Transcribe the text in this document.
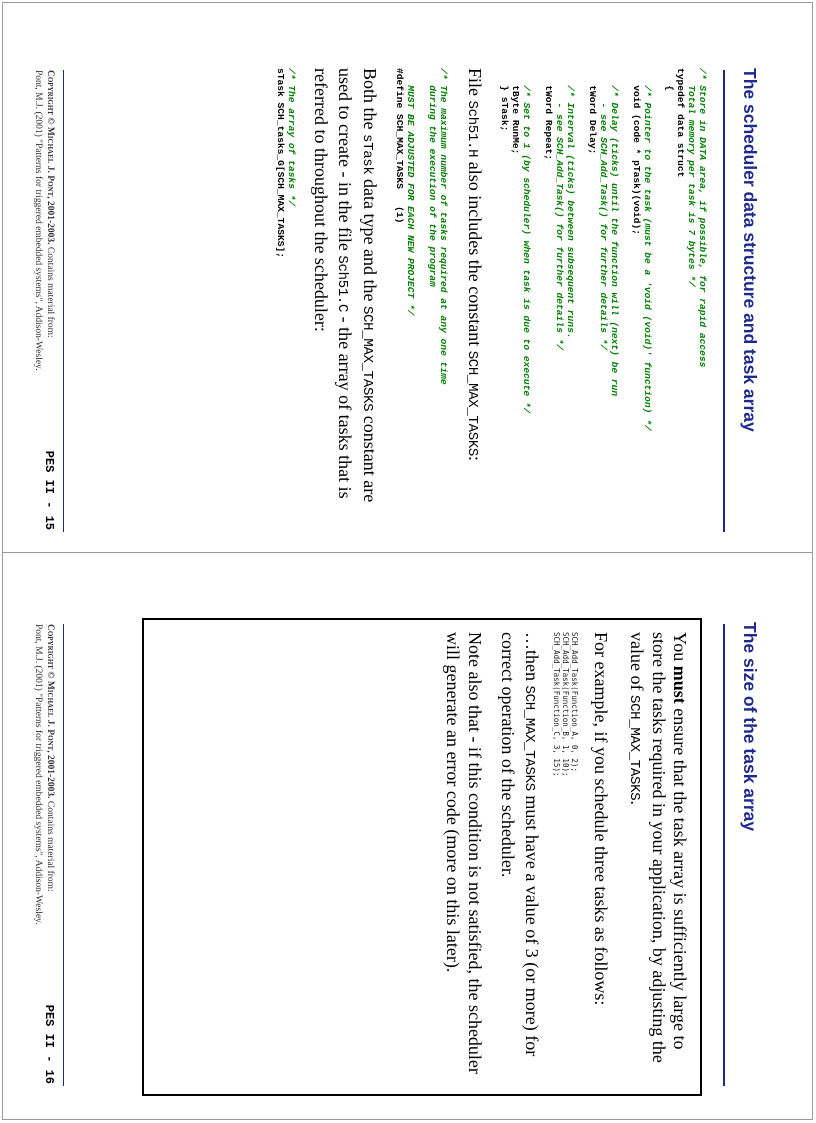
The scheduler data structure and task array
/* Store in DATA area, if possible, for rapid access
Total memory per task is 7 bytes */
typedef data struct
{

/* Pointer to the task (must be a 'void (void)' function) */
void (code * pTask)(void);

/* Delay (ticks) until the function will (next) be run
- see SCH_Add_Task() for further details */
tWord Delay;

/* Interval (ticks) between subsequent runs.
- see SCH_Add_Task() for further details */
tWord Repeat;

/* Set to 1 (by scheduler) when task is due to execute */
tByte RunMe;
} sTask;

File Sch51.H also includes the constant SCH_MAX_TASKS:

/* The maximum number of tasks required at any one time
during the execution of the program

MUST BE ADJUSTED FOR EACH NEW PROJECT */
#define SCH_MAX_TASKS   (1)

Both the sTask data type and the SCH_MAX_TASKS constant are used to create - in the file Sch51.C - the array of tasks that is referred to throughout the scheduler:

/* The array of tasks */
sTask SCH_tasks_G[SCH_MAX_TASKS];

Copyright © Michael J. Pont, 2001-2003. Contains material from:
Pont, M.J. (2001) "Patterns for triggered embedded systems", Addison-Wesley.

PES II - 15

The size of the task array

You must ensure that the task array is sufficiently large to store the tasks required in your application, by adjusting the value of SCH_MAX_TASKS.

For example, if you schedule three tasks as follows:

SCH_Add_Task(Function_A, 0, 2);
SCH_Add_Task(Function_B, 1, 10);
SCH_Add_Task(Function_C, 3, 15);

…then SCH_MAX_TASKS must have a value of 3 (or more) for correct operation of the scheduler.

Note also that - if this condition is not satisfied, the scheduler will generate an error code (more on this later).

Copyright © Michael J. Pont, 2001-2003. Contains material from:
Pont, M.J. (2001) "Patterns for triggered embedded systems", Addison-Wesley.

PES II - 16
